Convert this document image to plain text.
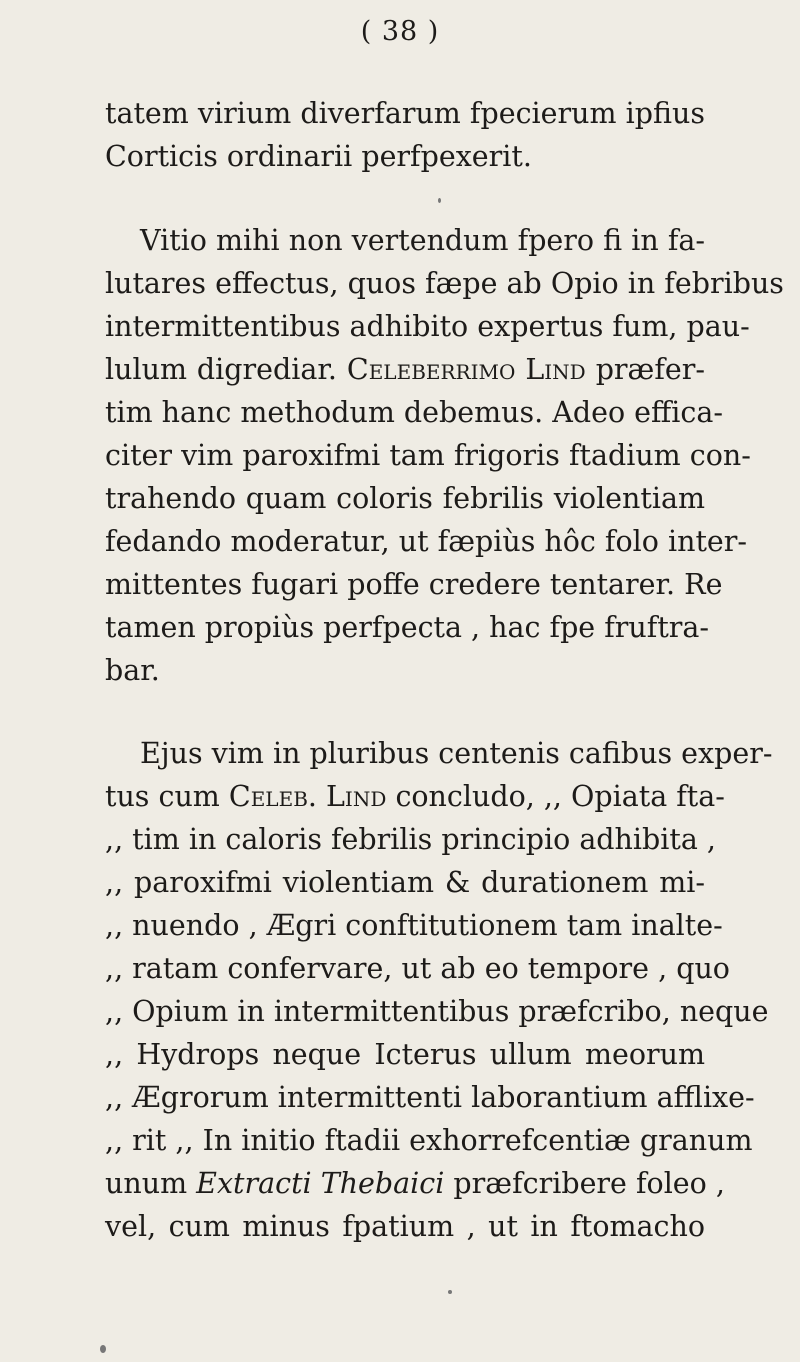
( 38 )
tatem virium diverfarum fpecierum ipfius
Corticis ordinarii perfpexerit.
Vitio mihi non vertendum fpero fi in fa-
lutares effectus, quos fæpe ab Opio in febribus
intermittentibus adhibito expertus fum, pau-
lulum digrediar. Celeberrimo Lind præfer-
tim hanc methodum debemus. Adeo effica-
citer vim paroxifmi tam frigoris ftadium con-
trahendo quam coloris febrilis violentiam
fedando moderatur, ut fæpiùs hôc folo inter-
mittentes fugari poffe credere tentarer. Re
tamen propiùs perfpecta , hac fpe fruftra-
bar.
Ejus vim in pluribus centenis cafibus exper-
tus cum Celeb. Lind concludo, ,, Opiata fta-
,, tim in caloris febrilis principio adhibita ,
,, paroxifmi violentiam & durationem mi-
,, nuendo , Ægri conftitutionem tam inalte-
,, ratam confervare, ut ab eo tempore , quo
,, Opium in intermittentibus præfcribo, neque
,, Hydrops neque Icterus ullum meorum
,, Ægrorum intermittenti laborantium afflixe-
,, rit ,, In initio ftadii exhorrefcentiæ granum
unum Extracti Thebaici præfcribere foleo ,
vel, cum minus fpatium , ut in ftomacho
